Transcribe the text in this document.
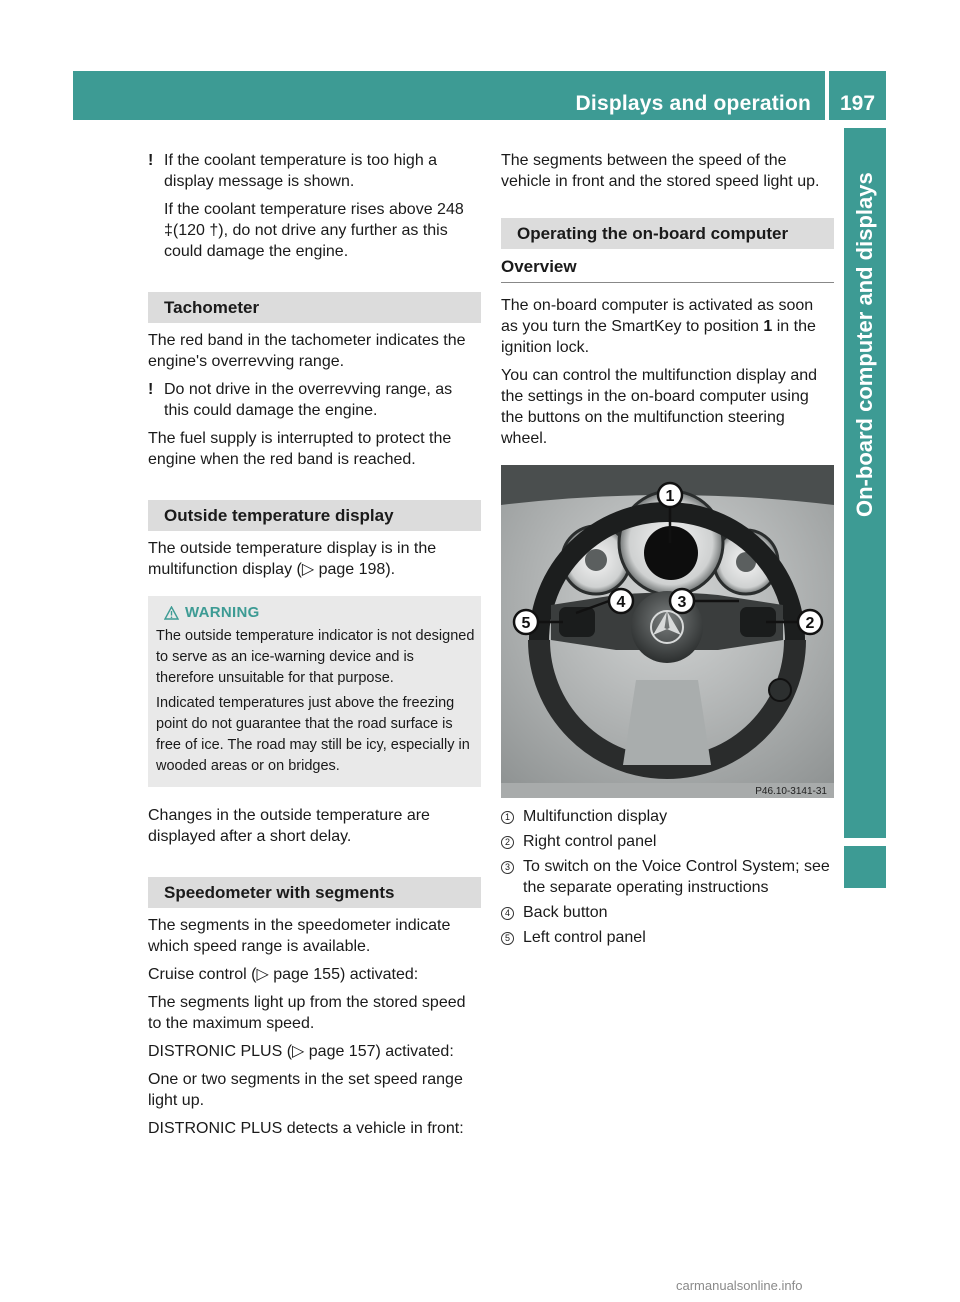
Displays and operation	197
On-board computer and displays
! If the coolant temperature is too high a display message is shown.
If the coolant temperature rises above 248 ‡(120 †), do not drive any further as this could damage the engine.
Tachometer

The red band in the tachometer indicates the engine's overrevving range.

! Do not drive in the overrevving range, as this could damage the engine.

The fuel supply is interrupted to protect the engine when the red band is reached.

Outside temperature display

The outside temperature display is in the multifunction display (▷ page 198).

WARNING

The outside temperature indicator is not designed to serve as an ice-warning device and is therefore unsuitable for that purpose.

Indicated temperatures just above the freezing point do not guarantee that the road surface is free of ice. The road may still be icy, especially in wooded areas or on bridges.

Changes in the outside temperature are displayed after a short delay.

Speedometer with segments

The segments in the speedometer indicate which speed range is available.

Cruise control (▷ page 155) activated:

The segments light up from the stored speed to the maximum speed.

DISTRONIC PLUS (▷ page 157) activated:

One or two segments in the set speed range light up.

DISTRONIC PLUS detects a vehicle in front:

The segments between the speed of the vehicle in front and the stored speed light up.

Operating the on-board computer
Overview

The on-board computer is activated as soon as you turn the SmartKey to position 1 in the ignition lock.

You can control the multifunction display and the settings in the on-board computer using the buttons on the multifunction steering wheel.

P46.10-3141-31
1
2
3
4
5
1 Multifunction display
2 Right control panel
3 To switch on the Voice Control System; see the separate operating instructions
4 Back button
5 Left control panel
carmanualsonline.info
